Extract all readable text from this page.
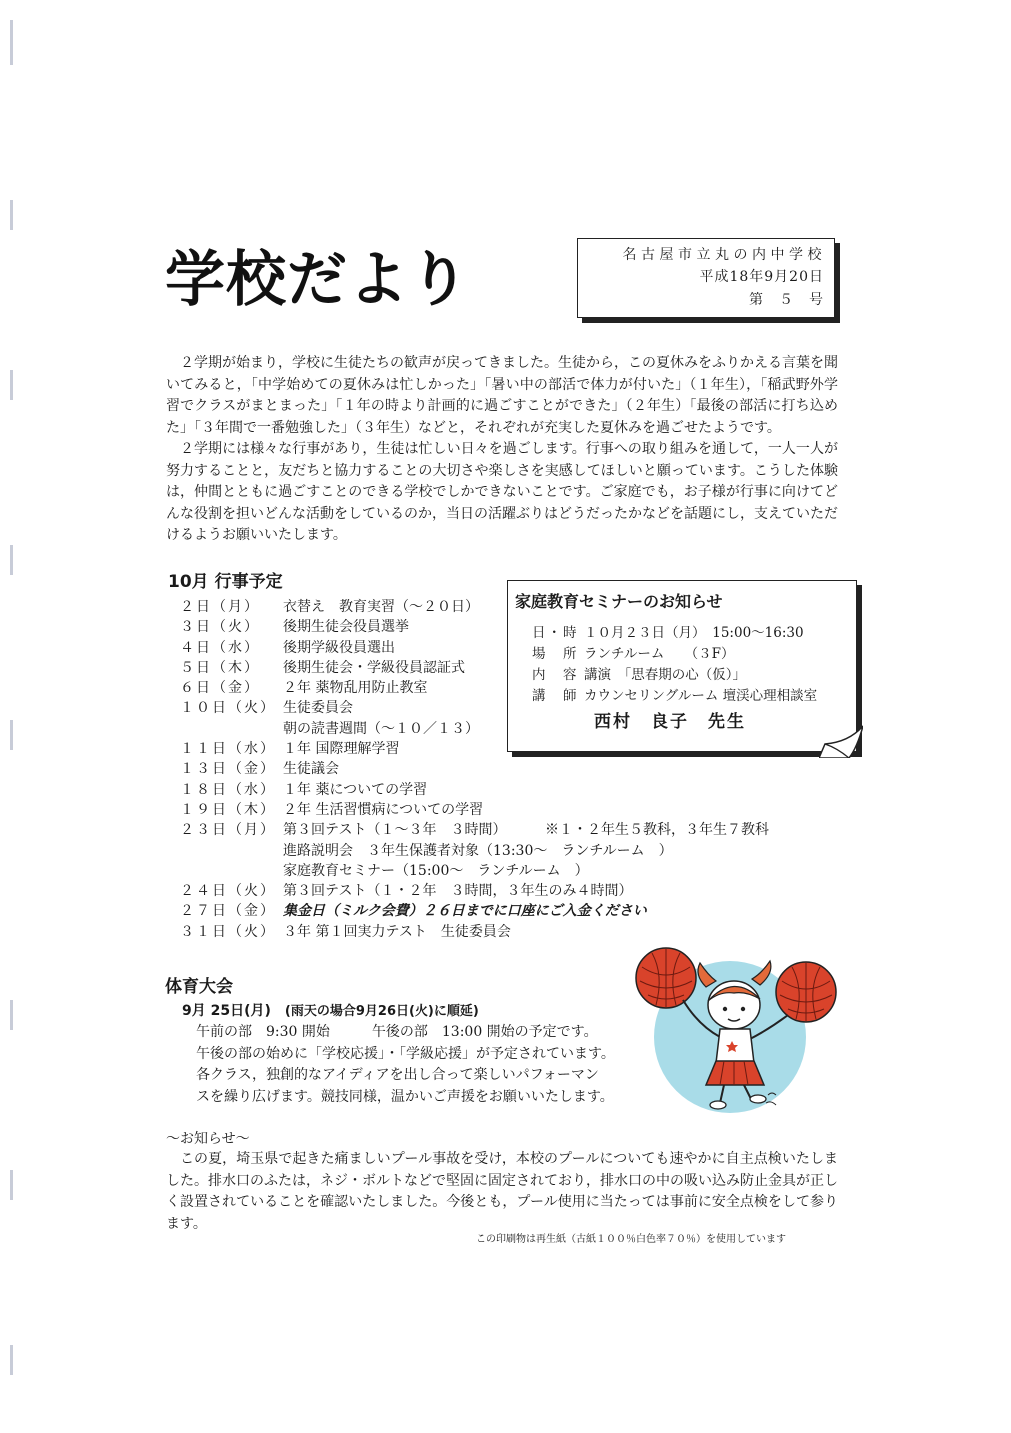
学校だより	名古屋市立丸の内中学校
平成18年9月20日
第　５　号

２学期が始まり，学校に生徒たちの歓声が戻ってきました。生徒から，この夏休みをふりかえる言葉を聞いてみると，「中学始めての夏休みは忙しかった」「暑い中の部活で体力が付いた」（１年生），「稲武野外学習でクラスがまとまった」「１年の時より計画的に過ごすことができた」（２年生）「最後の部活に打ち込めた」「３年間で一番勉強した」（３年生）などと，それぞれが充実した夏休みを過ごせたようです。

２学期には様々な行事があり，生徒は忙しい日々を過ごします。行事への取り組みを通して，一人一人が努力することと，友だちと協力することの大切さや楽しさを実感してほしいと願っています。こうした体験は，仲間とともに過ごすことのできる学校でしかできないことです。ご家庭でも，お子様が行事に向けてどんな役割を担いどんな活動をしているのか，当日の活躍ぶりはどうだったかなどを話題にし，支えていただけるようお願いいたします。

10月 行事予定
２日（月） 衣替え　教育実習（～２０日）
３日（火） 後期生徒会役員選挙
４日（水） 後期学級役員選出
５日（木） 後期生徒会・学級役員認証式
６日（金） ２年 薬物乱用防止教室
１０日（火） 生徒委員会
朝の読書週間（～１０／１３）
１１日（水） １年 国際理解学習
１３日（金） 生徒議会
１８日（水） １年 薬についての学習
１９日（木） ２年 生活習慣病についての学習
２３日（月） 第３回テスト（１～３年　３時間）	※１・２年生５教科，３年生７教科
進路説明会　３年生保護者対象（13:30～　ランチルーム　）
家庭教育セミナー（15:00～　ランチルーム　）
２４日（火） 第３回テスト（１・２年　３時間，３年生のみ４時間）
２７日（金） 集金日（ミルク会費）２６日までに口座にご入金ください
３１日（火） ３年 第１回実力テスト　生徒委員会
家庭教育セミナーのお知らせ
日・時 １０月２３日（月）　15:00～16:30
場　所 ランチルーム　　（３F）
内　容 講演　「思春期の心（仮）」
講　師 カウンセリングルーム 壇渓心理相談室
西村　良子　先生
体育大会
9月 25日(月) (雨天の場合9月26日(火)に順延)
午前の部　9:30 開始　　　午後の部　13:00 開始の予定です。
午後の部の始めに「学校応援」・「学級応援」が予定されています。
各クラス，独創的なアイディアを出し合って楽しいパフォーマン
スを繰り広げます。競技同様，温かいご声援をお願いいたします。
～お知らせ～
この夏，埼玉県で起きた痛ましいプール事故を受け，本校のプールについても速やかに自主点検いたしました。排水口のふたは，ネジ・ボルトなどで堅固に固定されており，排水口の中の吸い込み防止金具が正しく設置されていることを確認いたしました。今後とも，プール使用に当たっては事前に安全点検をして参ります。
この印刷物は再生紙（古紙１００％白色率７０％）を使用しています
